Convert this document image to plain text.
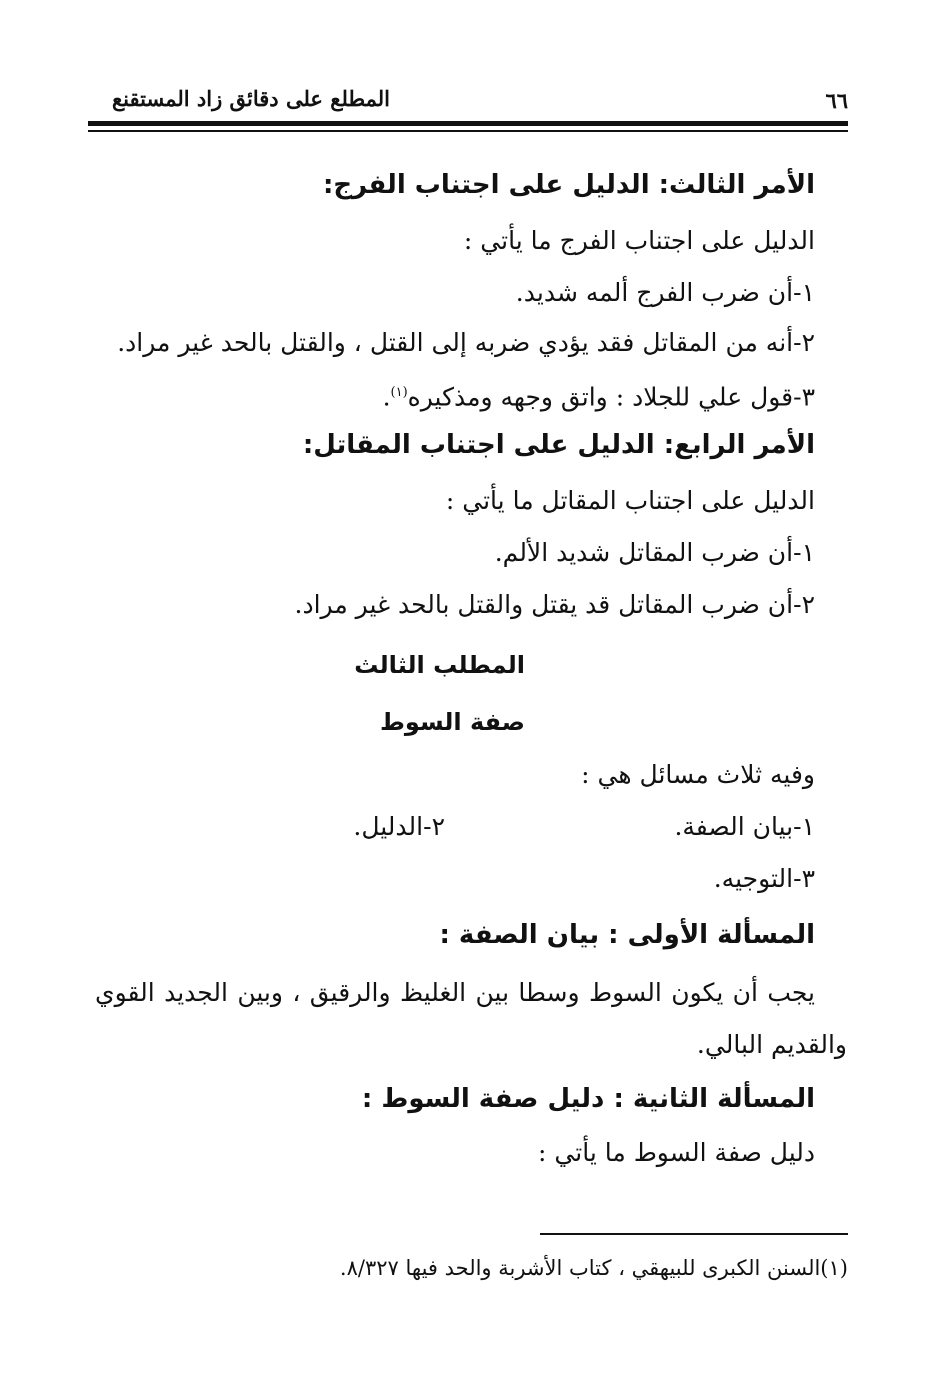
٦٦
المطلع على دقائق زاد المستقنع
الأمر الثالث: الدليل على اجتناب الفرج:
الدليل على اجتناب الفرج ما يأتي :
١-أن ضرب الفرج ألمه شديد.
٢-أنه من المقاتل فقد يؤدي ضربه إلى القتل ، والقتل بالحد غير مراد.
٣-قول علي للجلاد : واتق وجهه ومذكيره$^{(١)}$.
الأمر الرابع: الدليل على اجتناب المقاتل:
الدليل على اجتناب المقاتل ما يأتي :
١-أن ضرب المقاتل شديد الألم.
٢-أن ضرب المقاتل قد يقتل والقتل بالحد غير مراد.
المطلب الثالث
صفة السوط
وفيه ثلاث مسائل هي :
١-بيان الصفة.
٢-الدليل.
٣-التوجيه.
المسألة الأولى : بيان الصفة :
يجب أن يكون السوط وسطا بين الغليظ والرقيق ، وبين الجديد القوي
والقديم البالي.
المسألة الثانية : دليل صفة السوط :
دليل صفة السوط ما يأتي :
(١)السنن الكبرى للبيهقي ، كتاب الأشربة والحد فيها ٨/٣٢٧.
